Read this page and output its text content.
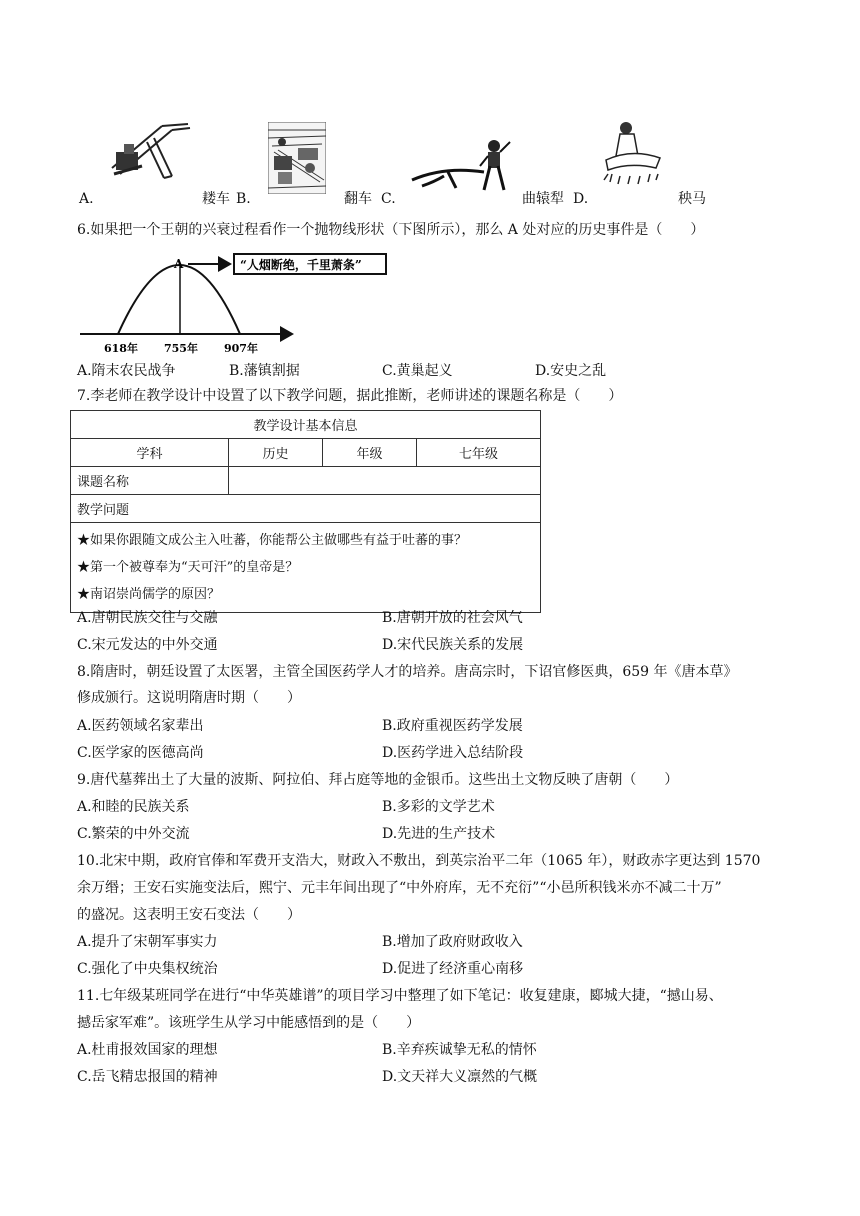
A.	耧车 B.	翻车 C.	曲辕犁 D.	秧马
6.如果把一个王朝的兴衰过程看作一个抛物线形状（下图所示），那么 A 处对应的历史事件是（　　）
A	“人烟断绝，千里萧条”
618年 755年 907年
A.隋末农民战争	B.藩镇割据	C.黄巢起义	D.安史之乱
7.李老师在教学设计中设置了以下教学问题，据此推断，老师讲述的课题名称是（　　）
教学设计基本信息			
学科	历史	年级	七年级
课题名称			
教学问题			

★如果你跟随文成公主入吐蕃，你能帮公主做哪些有益于吐蕃的事？
★第一个被尊奉为“天可汗”的皇帝是？
★南诏崇尚儒学的原因？			
A.唐朝民族交往与交融	B.唐朝开放的社会风气
C.宋元发达的中外交通	D.宋代民族关系的发展
8.隋唐时，朝廷设置了太医署，主管全国医药学人才的培养。唐高宗时，下诏官修医典，659 年《唐本草》
修成颁行。这说明隋唐时期（　　）
A.医药领域名家辈出	B.政府重视医药学发展
C.医学家的医德高尚	D.医药学进入总结阶段
9.唐代墓葬出土了大量的波斯、阿拉伯、拜占庭等地的金银币。这些出土文物反映了唐朝（　　）
A.和睦的民族关系	B.多彩的文学艺术
C.繁荣的中外交流	D.先进的生产技术
10.北宋中期，政府官俸和军费开支浩大，财政入不敷出，到英宗治平二年（1065 年），财政赤字更达到 1570
余万缗；王安石实施变法后，熙宁、元丰年间出现了“中外府库，无不充衍”“小邑所积钱米亦不减二十万”
的盛况。这表明王安石变法（　　）
A.提升了宋朝军事实力	B.增加了政府财政收入
C.强化了中央集权统治	D.促进了经济重心南移
11.七年级某班同学在进行“中华英雄谱”的项目学习中整理了如下笔记：收复建康，郾城大捷，“撼山易、
撼岳家军难”。该班学生从学习中能感悟到的是（　　）
A.杜甫报效国家的理想	B.辛弃疾诚挚无私的情怀
C.岳飞精忠报国的精神	D.文天祥大义凛然的气概
